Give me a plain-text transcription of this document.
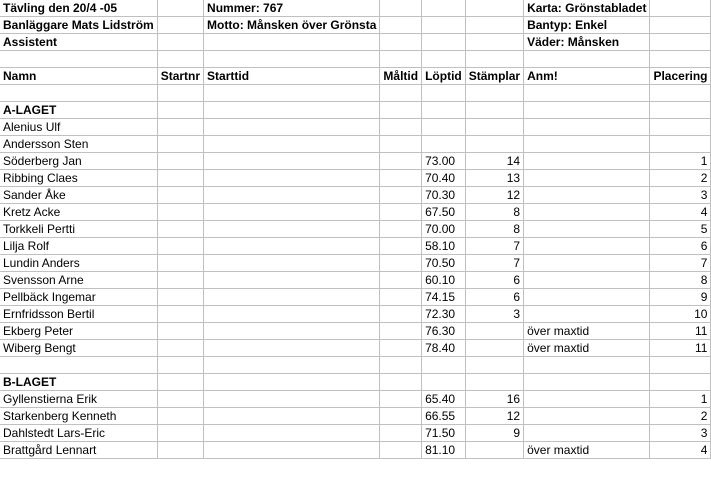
Tävling den 20/4 -05		Nummer: 767				Karta: Grönstabladet	
Banläggare Mats Lidström		Motto: Månsken över Grönsta				Bantyp: Enkel	
Assistent						Väder: Månsken	

Namn	Startnr	Starttid	Måltid	Löptid	Stämplar	Anm!	Placering

A-LAGET							
Alenius Ulf							
Andersson Sten							
Söderberg Jan				73.00	14		1
Ribbing Claes				70.40	13		2
Sander Åke				70.30	12		3
Kretz Acke				67.50	8		4
Torkkeli Pertti				70.00	8		5
Lilja Rolf				58.10	7		6
Lundin Anders				70.50	7		7
Svensson Arne				60.10	6		8
Pellbäck Ingemar				74.15	6		9
Ernfridsson Bertil				72.30	3		10
Ekberg Peter				76.30		över maxtid	11
Wiberg Bengt				78.40		över maxtid	11

B-LAGET							
Gyllenstierna Erik				65.40	16		1
Starkenberg Kenneth				66.55	12		2
Dahlstedt Lars-Eric				71.50	9		3
Brattgård Lennart				81.10		över maxtid	4
